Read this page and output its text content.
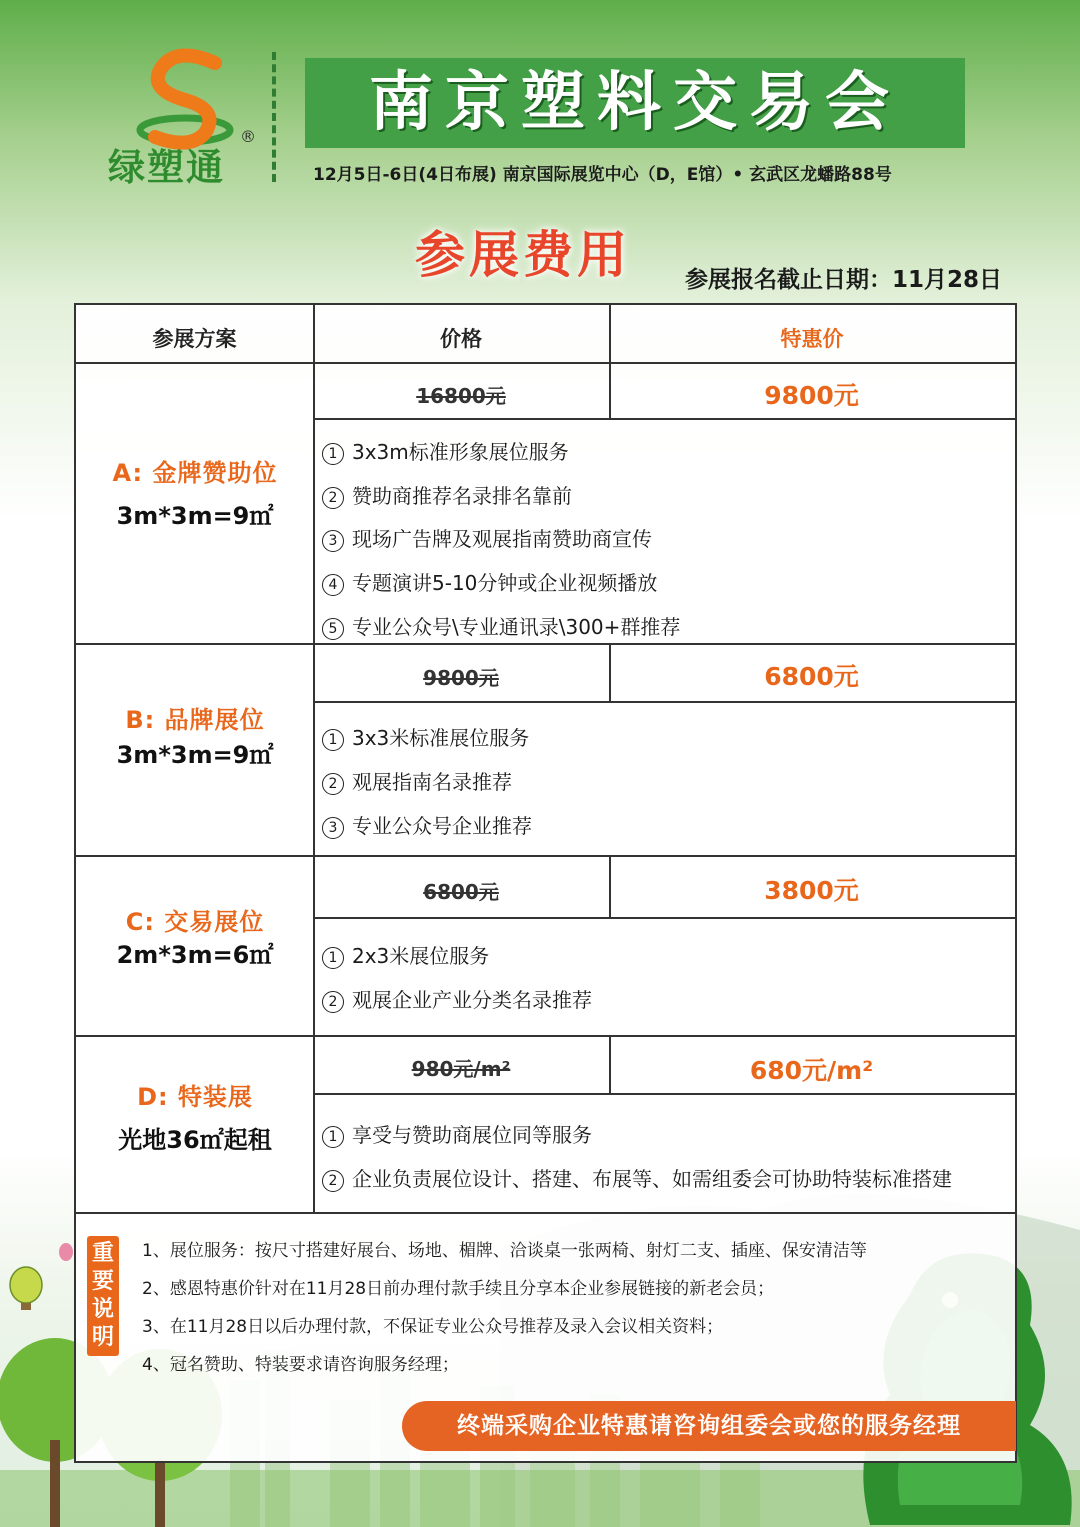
绿塑通
®	南京塑料交易会
12月5日-6日(4日布展) 南京国际展览中心（D，E馆）• 玄武区龙蟠路88号
参展费用 参展报名截止日期：11月28日
参展方案	价格	特惠价
A: 金牌赞助位
3m*3m=9㎡
16800元	9800元
1 3x3m标准形象展位服务
2 赞助商推荐名录排名靠前
3 现场广告牌及观展指南赞助商宣传
4 专题演讲5-10分钟或企业视频播放
5 专业公众号\专业通讯录\300+群推荐
B: 品牌展位
3m*3m=9㎡
9800元	6800元
1 3x3米标准展位服务
2 观展指南名录推荐
3 专业公众号企业推荐
C: 交易展位
2m*3m=6㎡
6800元	3800元
1 2x3米展位服务
2 观展企业产业分类名录推荐
D: 特装展
光地36㎡起租
980元/m²	680元/m²
1 享受与赞助商展位同等服务
2 企业负责展位设计、搭建、布展等、如需组委会可协助特装标准搭建
重
要
说
明
1、展位服务：按尺寸搭建好展台、场地、楣牌、洽谈桌一张两椅、射灯二支、插座、保安清洁等
2、感恩特惠价针对在11月28日前办理付款手续且分享本企业参展链接的新老会员；
3、在11月28日以后办理付款，不保证专业公众号推荐及录入会议相关资料；
4、冠名赞助、特装要求请咨询服务经理；
终端采购企业特惠请咨询组委会或您的服务经理
